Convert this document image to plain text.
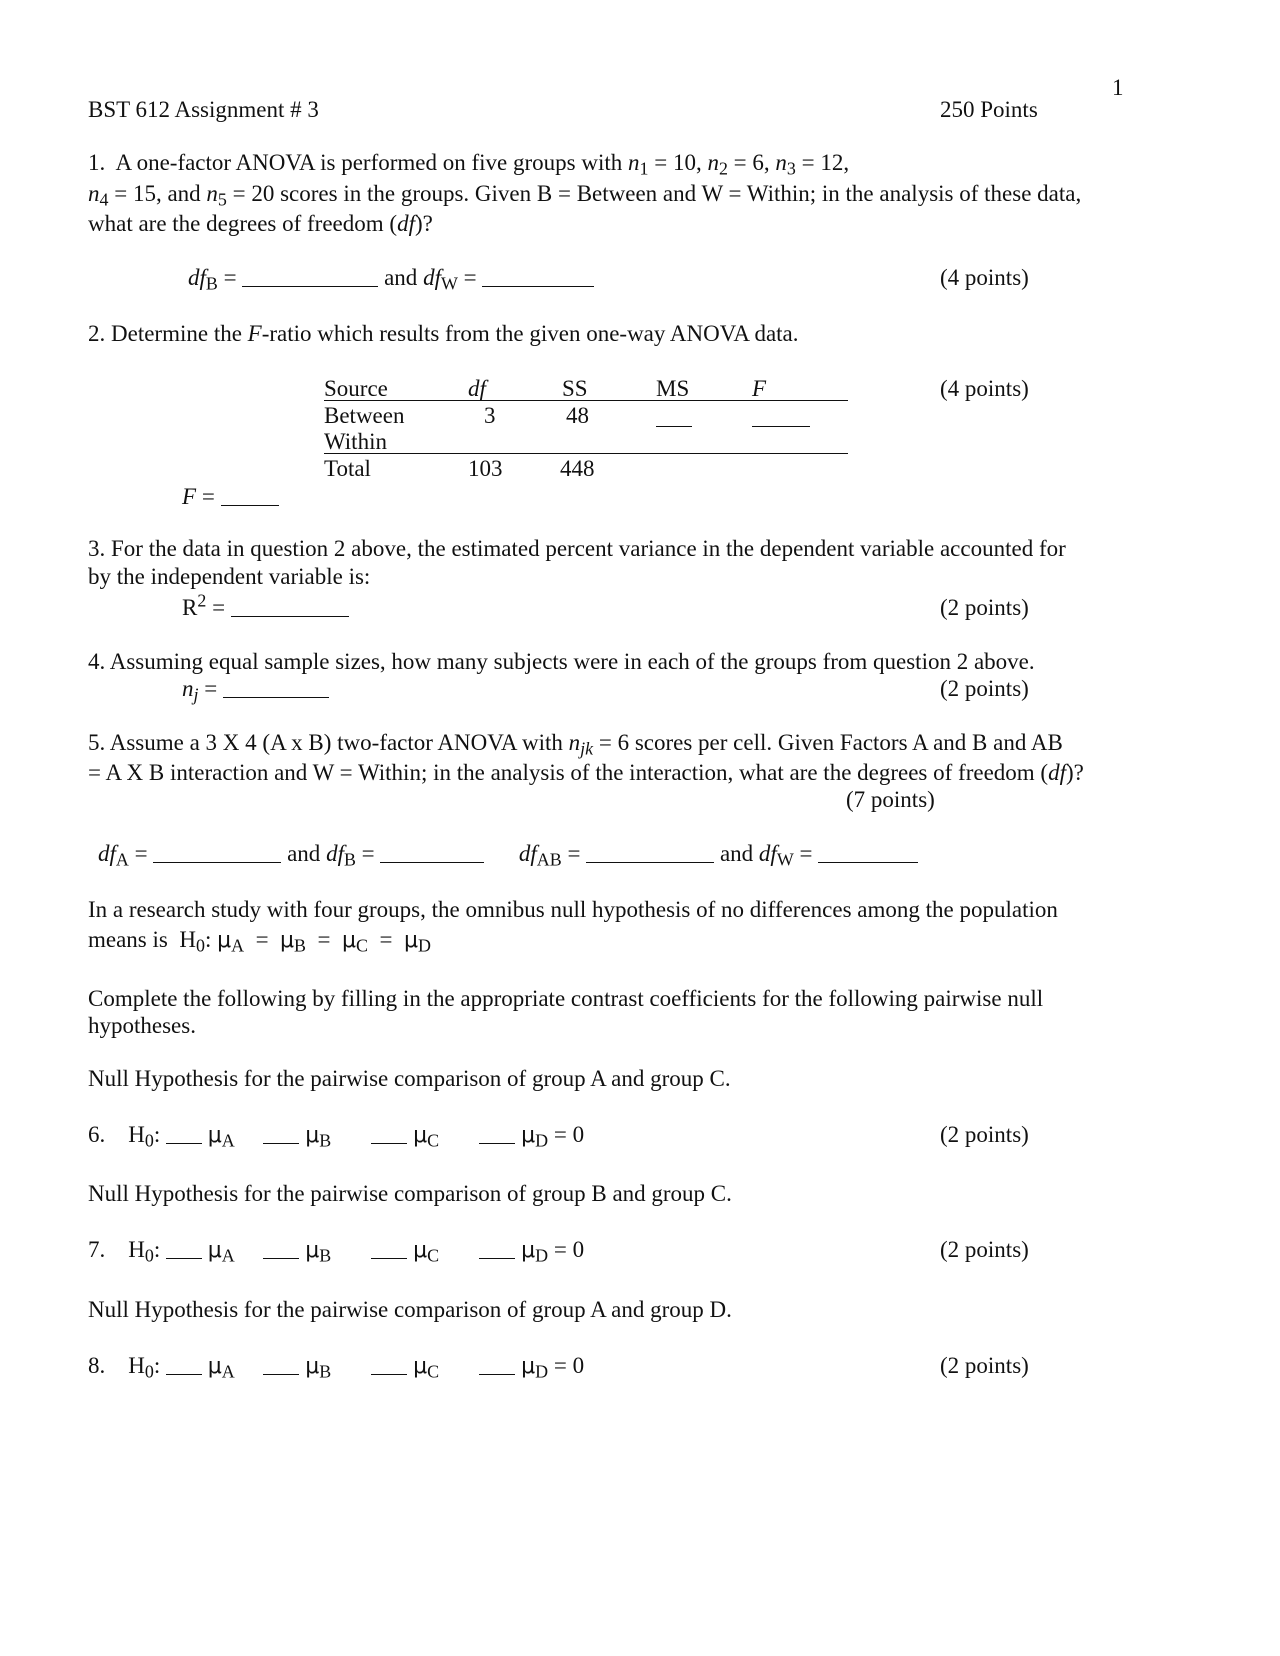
1
BST 612 Assignment # 3	250 Points
1. A one-factor ANOVA is performed on five groups with $n_1 = 10$, $n_2 = 6$, $n_3 = 12$,
$n_4 = 15$, and $n_5 = 20$ scores in the groups. Given B = Between and W = Within; in the analysis of these data,
what are the degrees of freedom (df)?
$df_B$ =	and $df_W$ =	(4 points)
2. Determine the F-ratio which results from the given one-way ANOVA data.
(4 points)
Source	df	SS	MS	F
Between	3	48
Within
Total	103	448
F =
3. For the data in question 2 above, the estimated percent variance in the dependent variable accounted for
by the independent variable is:
$R^2$ =	(2 points)
4. Assuming equal sample sizes, how many subjects were in each of the groups from question 2 above.
$n_j$ =	(2 points)
5. Assume a 3 X 4 (A x B) two-factor ANOVA with $n_{jk} = 6$ scores per cell. Given Factors A and B and AB
= A X B interaction and W = Within; in the analysis of the interaction, what are the degrees of freedom (df)?
(7 points)
$df_A$ =	and $df_B$ =	$df_{AB}$ =	and $df_W$ =
In a research study with four groups, the omnibus null hypothesis of no differences among the population
means is $H_0$: $\mu_A = \mu_B = \mu_C = \mu_D$
Complete the following by filling in the appropriate contrast coefficients for the following pairwise null
hypotheses.
Null Hypothesis for the pairwise comparison of group A and group C.
6. $H_0$: $\mu_A$	$\mu_B$	$\mu_C$	$\mu_D = 0$	(2 points)
Null Hypothesis for the pairwise comparison of group B and group C.
7. $H_0$: $\mu_A$	$\mu_B$	$\mu_C$	$\mu_D = 0$	(2 points)
Null Hypothesis for the pairwise comparison of group A and group D.
8. $H_0$: $\mu_A$	$\mu_B$	$\mu_C$	$\mu_D = 0$	(2 points)
